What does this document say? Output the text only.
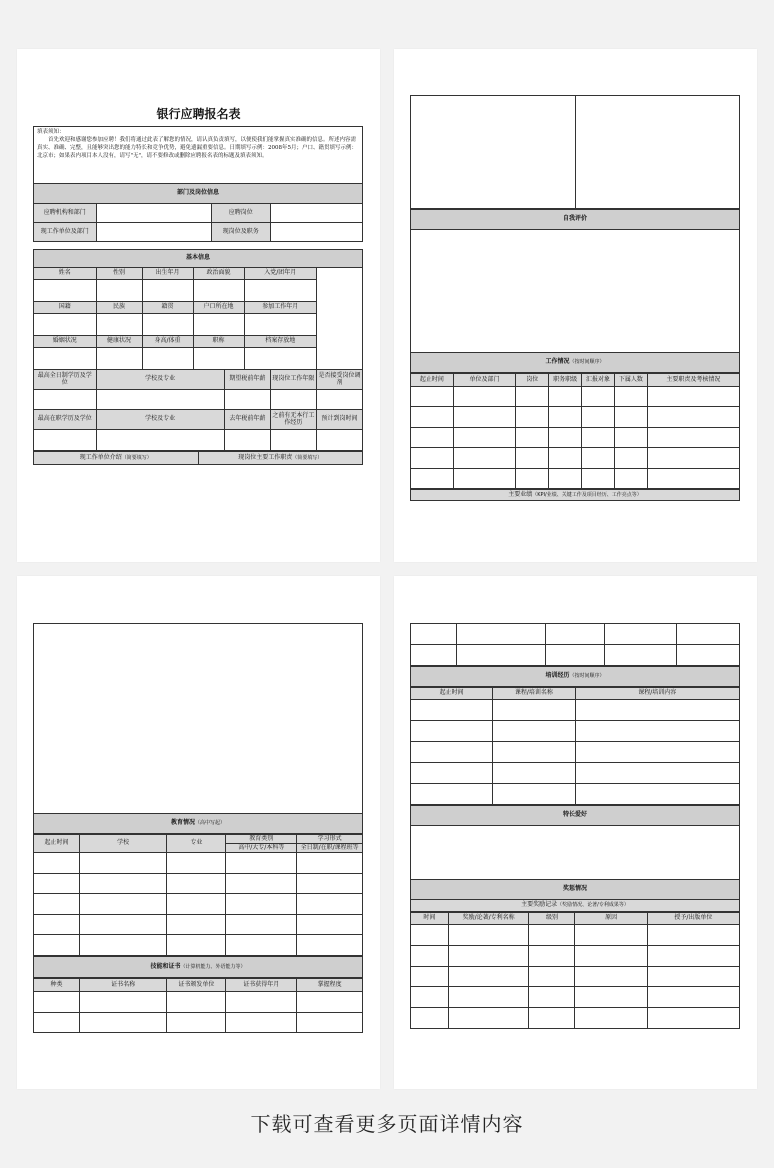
银行应聘报名表
填表须知：
首先欢迎和感谢您参加应聘！我们将通过此表了解您的情况，请认真负责填写，以便使我们能掌握真实准确的信息。所述内容需真实、准确、完整，且能够突出您的能力特长和竞争优势，避免遗漏重要信息。日期填写示例：2008年5月；户口、籍贯填写示例：北京市；如果表内项目本人没有，请写"无"，请不要修改或删除应聘报名表的标题及填表须知。
部门及岗位信息			
应聘机构和部门		应聘岗位	
现工作单位及部门		现岗位及职务	
基本信息					
姓名	性别	出生年月	政治面貌	入党/团年月	

国籍	民族	籍贯	户口所在地	参加工作年月	

婚姻状况	健康状况	身高/体重	职称	档案存放地	

最高全日制学历及学位	学校及专业	期望税前年薪	现岗位工作年限	是否接受岗位调剂

最高在职学历及学位	学校及专业	去年税前年薪	之前有无本行工作经历	预计到岗时间

现工作单位介绍（简要填写）	现岗位主要工作职责（简要填写）

自我评价

工作情况（按时间顺序）
起止时间	单位及部门	岗位	职务职级	汇报对象	下属人数	主要职责及考核情况

主要业绩（KPI/业绩、关键工作及项目经历、工作亮点等）

教育情况（高中写起）
起止时间	学校	专业	教育类别	学习形式
			高中/大专/本科等	全日制/在职/课程班等

技能和证书（计算机能力、外语能力等）
种类	证书名称	证书颁发单位	证书获得年月	掌握程度

培训经历（按时间顺序）
起止时间	课程/培训名称	课程/培训内容

特长爱好

奖惩情况
主要奖励记录（奖励情况、论著/专利成果等）
时间	奖励/论著/专利名称	级别	原因	授予/出版单位

下载可查看更多页面详情内容
